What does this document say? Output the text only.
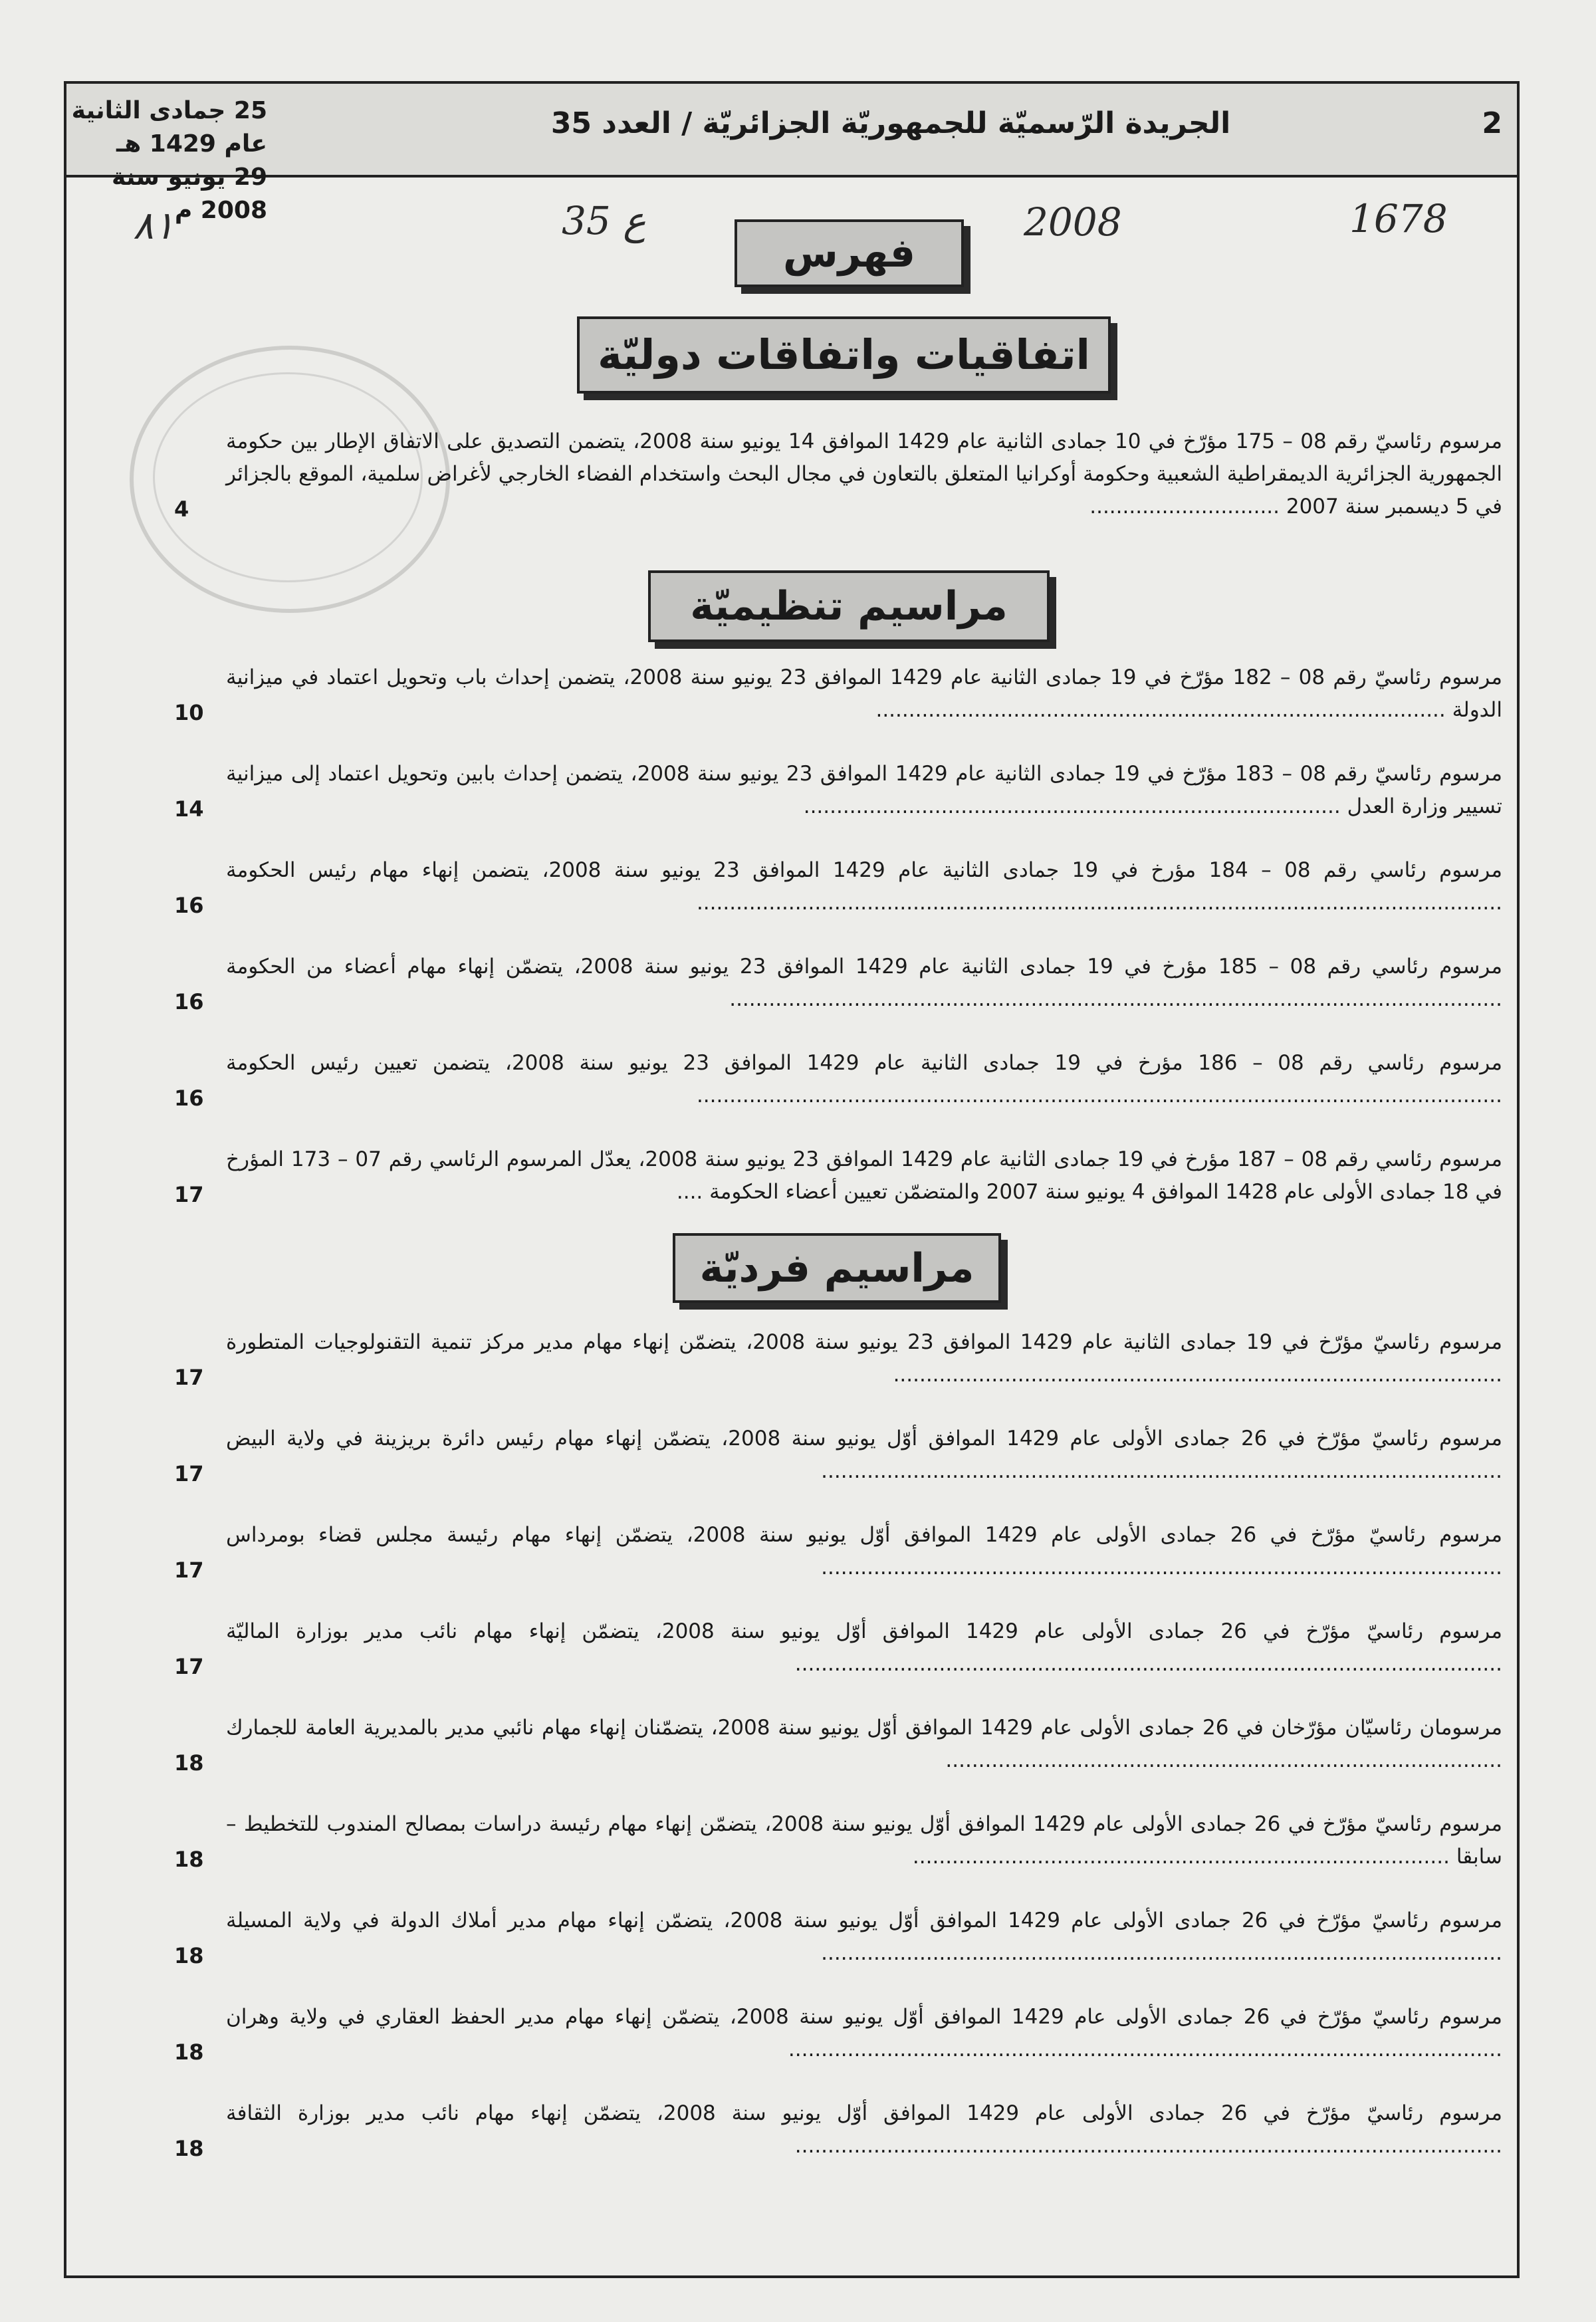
25 جمادى الثانية عام 1429 هـ
29 يونيو سنة 2008 م
الجريدة الرّسميّة للجمهوريّة الجزائريّة / العدد 35	2
٨١	ع 35	2008	1678
فهرس
اتفاقيات واتفاقات دوليّة
مرسوم رئاسيّ رقم 08 – 175 مؤرّخ في 10 جمادى الثانية عام 1429 الموافق 14 يونيو سنة 2008، يتضمن التصديق على الاتفاق الإطار بين حكومة الجمهورية الجزائرية الديمقراطية الشعبية وحكومة أوكرانيا المتعلق بالتعاون في مجال البحث واستخدام الفضاء الخارجي لأغراض سلمية، الموقع بالجزائر في 5 ديسمبر سنة 2007 .............................
4
مراسيم تنظيميّة
مرسوم رئاسيّ رقم 08 – 182 مؤرّخ في 19 جمادى الثانية عام 1429 الموافق 23 يونيو سنة 2008، يتضمن إحداث باب وتحويل اعتماد في ميزانية الدولة .......................................................................................
10
مرسوم رئاسيّ رقم 08 – 183 مؤرّخ في 19 جمادى الثانية عام 1429 الموافق 23 يونيو سنة 2008، يتضمن إحداث بابين وتحويل اعتماد إلى ميزانية تسيير وزارة العدل ..................................................................................
14
مرسوم رئاسي رقم 08 – 184 مؤرخ في 19 جمادى الثانية عام 1429 الموافق 23 يونيو سنة 2008، يتضمن إنهاء مهام رئيس الحكومة ...........................................................................................................................
16
مرسوم رئاسي رقم 08 – 185 مؤرخ في 19 جمادى الثانية عام 1429 الموافق 23 يونيو سنة 2008، يتضمّن إنهاء مهام أعضاء من الحكومة ......................................................................................................................
16
مرسوم رئاسي رقم 08 – 186 مؤرخ في 19 جمادى الثانية عام 1429 الموافق 23 يونيو سنة 2008، يتضمن تعيين رئيس الحكومة ...........................................................................................................................
16
مرسوم رئاسي رقم 08 – 187 مؤرخ في 19 جمادى الثانية عام 1429 الموافق 23 يونيو سنة 2008، يعدّل المرسوم الرئاسي رقم 07 – 173 المؤرخ في 18 جمادى الأولى عام 1428 الموافق 4 يونيو سنة 2007 والمتضمّن تعيين أعضاء الحكومة ....
17
مراسيم فرديّة
مرسوم رئاسيّ مؤرّخ في 19 جمادى الثانية عام 1429 الموافق 23 يونيو سنة 2008، يتضمّن إنهاء مهام مدير مركز تنمية التقنولوجيات المتطورة .............................................................................................
17
مرسوم رئاسيّ مؤرّخ في 26 جمادى الأولى عام 1429 الموافق أوّل يونيو سنة 2008، يتضمّن إنهاء مهام رئيس دائرة بريزينة في ولاية البيض ........................................................................................................
17
مرسوم رئاسيّ مؤرّخ في 26 جمادى الأولى عام 1429 الموافق أوّل يونيو سنة 2008، يتضمّن إنهاء مهام رئيسة مجلس قضاء بومرداس ........................................................................................................
17
مرسوم رئاسيّ مؤرّخ في 26 جمادى الأولى عام 1429 الموافق أوّل يونيو سنة 2008، يتضمّن إنهاء مهام نائب مدير بوزارة الماليّة ............................................................................................................
17
مرسومان رئاسيّان مؤرّخان في 26 جمادى الأولى عام 1429 الموافق أوّل يونيو سنة 2008، يتضمّنان إنهاء مهام نائبي مدير بالمديرية العامة للجمارك .....................................................................................
18
مرسوم رئاسيّ مؤرّخ في 26 جمادى الأولى عام 1429 الموافق أوّل يونيو سنة 2008، يتضمّن إنهاء مهام رئيسة دراسات بمصالح المندوب للتخطيط – سابقا ..................................................................................
18
مرسوم رئاسيّ مؤرّخ في 26 جمادى الأولى عام 1429 الموافق أوّل يونيو سنة 2008، يتضمّن إنهاء مهام مدير أملاك الدولة في ولاية المسيلة ........................................................................................................
18
مرسوم رئاسيّ مؤرّخ في 26 جمادى الأولى عام 1429 الموافق أوّل يونيو سنة 2008، يتضمّن إنهاء مهام مدير الحفظ العقاري في ولاية وهران .............................................................................................................
18
مرسوم رئاسيّ مؤرّخ في 26 جمادى الأولى عام 1429 الموافق أوّل يونيو سنة 2008، يتضمّن إنهاء مهام نائب مدير بوزارة الثقافة ............................................................................................................
18
